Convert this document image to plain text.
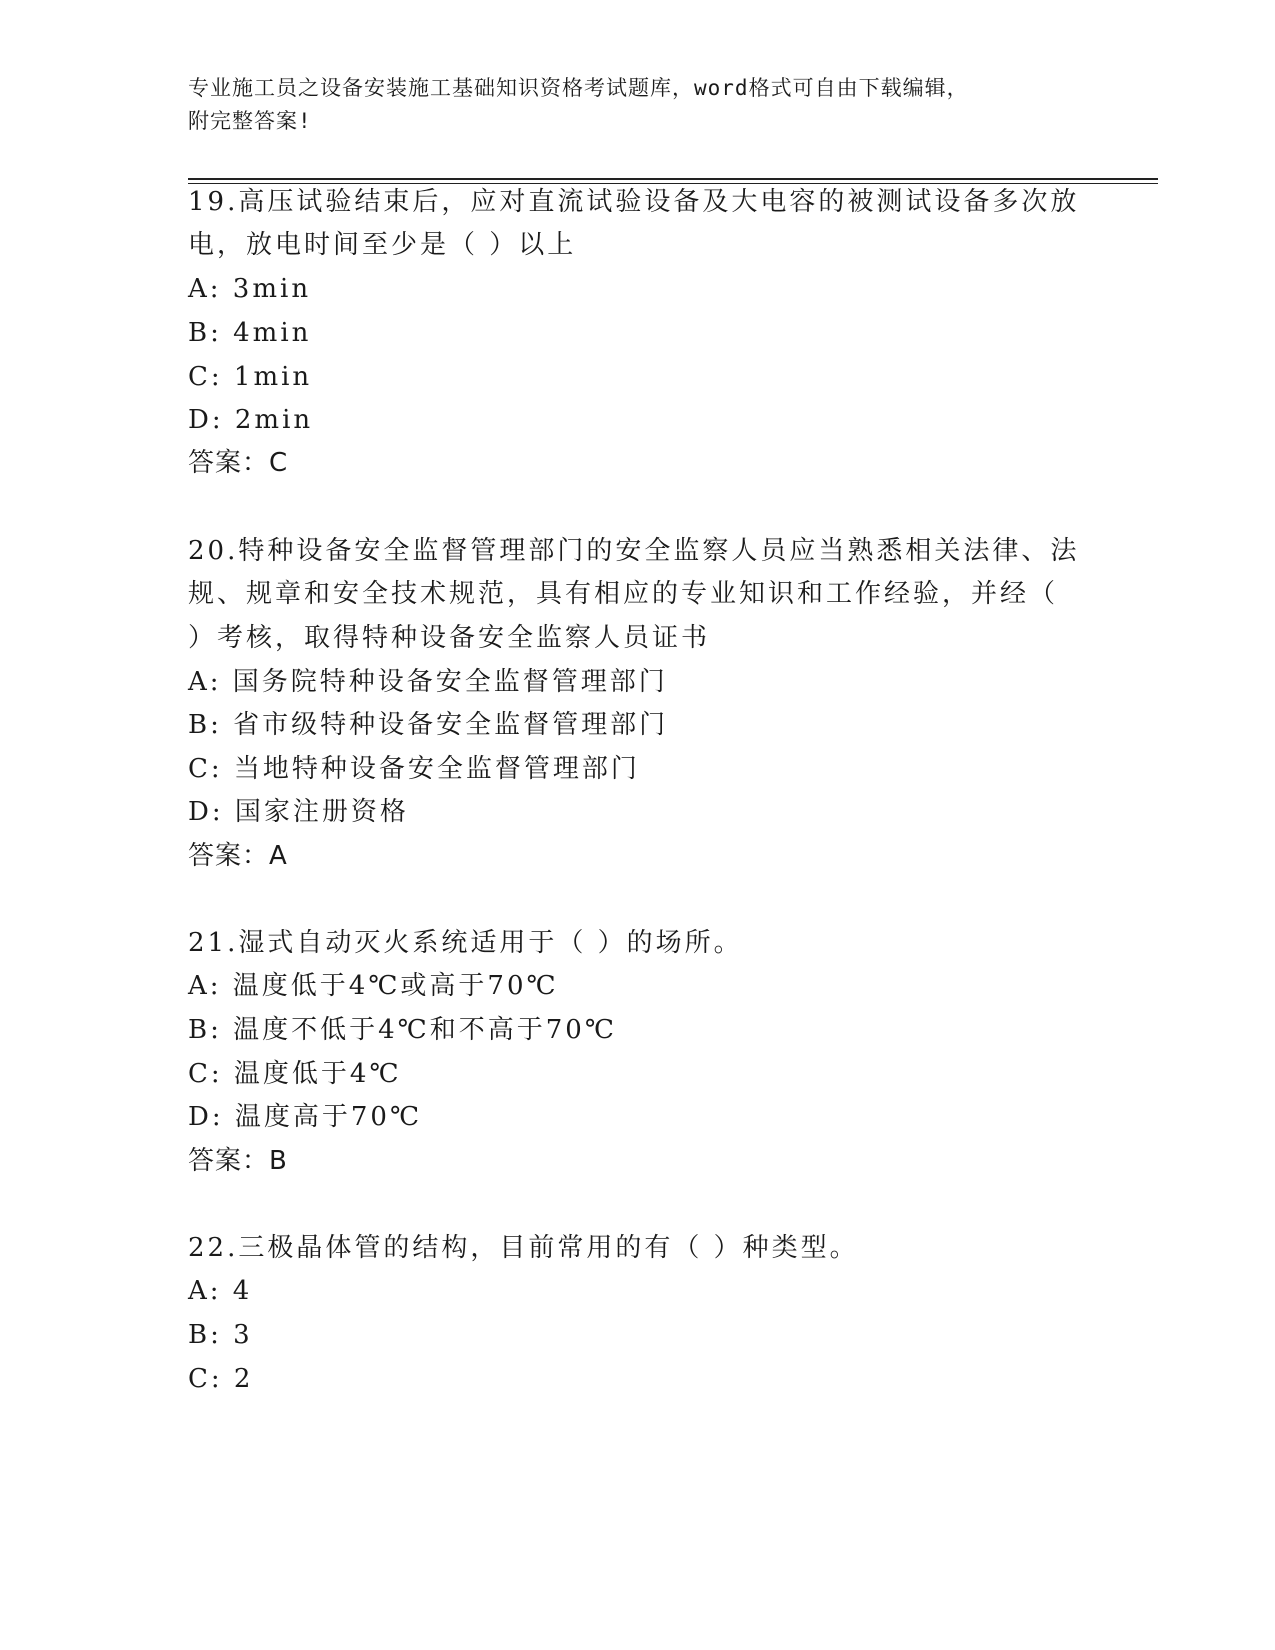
专业施工员之设备安装施工基础知识资格考试题库，word格式可自由下载编辑，
附完整答案!
19.高压试验结束后，应对直流试验设备及大电容的被测试设备多次放
电，放电时间至少是（ ）以上
A: 3min
B: 4min
C: 1min
D: 2min
答案：C
20.特种设备安全监督管理部门的安全监察人员应当熟悉相关法律、法
规、规章和安全技术规范，具有相应的专业知识和工作经验，并经（
）考核，取得特种设备安全监察人员证书
A: 国务院特种设备安全监督管理部门
B: 省市级特种设备安全监督管理部门
C: 当地特种设备安全监督管理部门
D: 国家注册资格
答案：A
21.湿式自动灭火系统适用于（ ）的场所。
A: 温度低于4℃或高于70℃
B: 温度不低于4℃和不高于70℃
C: 温度低于4℃
D: 温度高于70℃
答案：B
22.三极晶体管的结构，目前常用的有（ ）种类型。
A: 4
B: 3
C: 2
